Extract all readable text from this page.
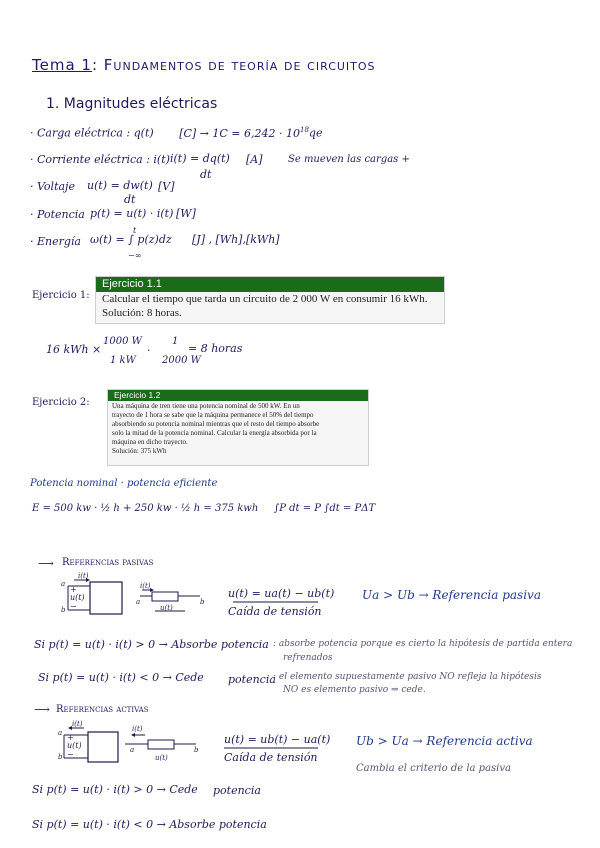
Tema 1: Fundamentos de teoría de circuitos
1. Magnitudes eléctricas
· Carga eléctrica : q(t) $[C] \to 1C = 6,242 \cdot 10^{18}qe$
· Corriente eléctrica : i(t) i(t) = dq(t)
dt
[A]	Se mueven las cargas +
· Voltaje u(t) = dw(t)
dt
[V]
· Potencia p(t) = u(t) · i(t) [W]
· Energía ω(t) = ∫ p(z)dz
t
−∞
[J] , [Wh],[kWh]
Ejercicio 1:
Ejercicio 1.1
Calcular el tiempo que tarda un circuito de 2 000 W en consumir 16 kWh.
Solución: 8 horas.
16 kWh ×
1000 W
1 kW
·
1
2000 W
= 8 horas
Ejercicio 2:
Ejercicio 1.2
Una máquina de tren tiene una potencia nominal de 500 kW. En un
trayecto de 1 hora se sabe que la máquina permanece el 50% del tiempo
absorbiendo su potencia nominal mientras que el resto del tiempo absorbe
solo la mitad de la potencia nominal. Calcular la energía absorbida por la
máquina en dicho trayecto.
Solución: 375 kWh
Potencia nominal · potencia eficiente
E = 500 kw · ½ h + 250 kw · ½ h = 375 kwh ∫P dt = P ∫dt = PΔT
⟶ Referencias pasivas
i(t)
+
u(t)
−
a
b
i(t)
a	b
u(t)
u(t) = ua(t) − ub(t)
Caída de tensión
Ua > Ub → Referencia pasiva
Si p(t) = u(t) · i(t) > 0 → Absorbe potencia : absorbe potencia porque es cierto la hipótesis de partida entera
refrenados
Si p(t) = u(t) · i(t) < 0 → Cede potencia
: el elemento supuestamente pasivo NO refleja la hipótesis
NO es elemento pasivo ⇒ cede.
⟶ Referencias activas
i(t)
+
u(t)
−
a
b
i(t)
a	b
u(t)
u(t) = ub(t) − ua(t)
Caída de tensión
Ub > Ua → Referencia activa
Cambia el criterio de la pasiva
Si p(t) = u(t) · i(t) > 0 → Cede potencia
Si p(t) = u(t) · i(t) < 0 → Absorbe potencia
